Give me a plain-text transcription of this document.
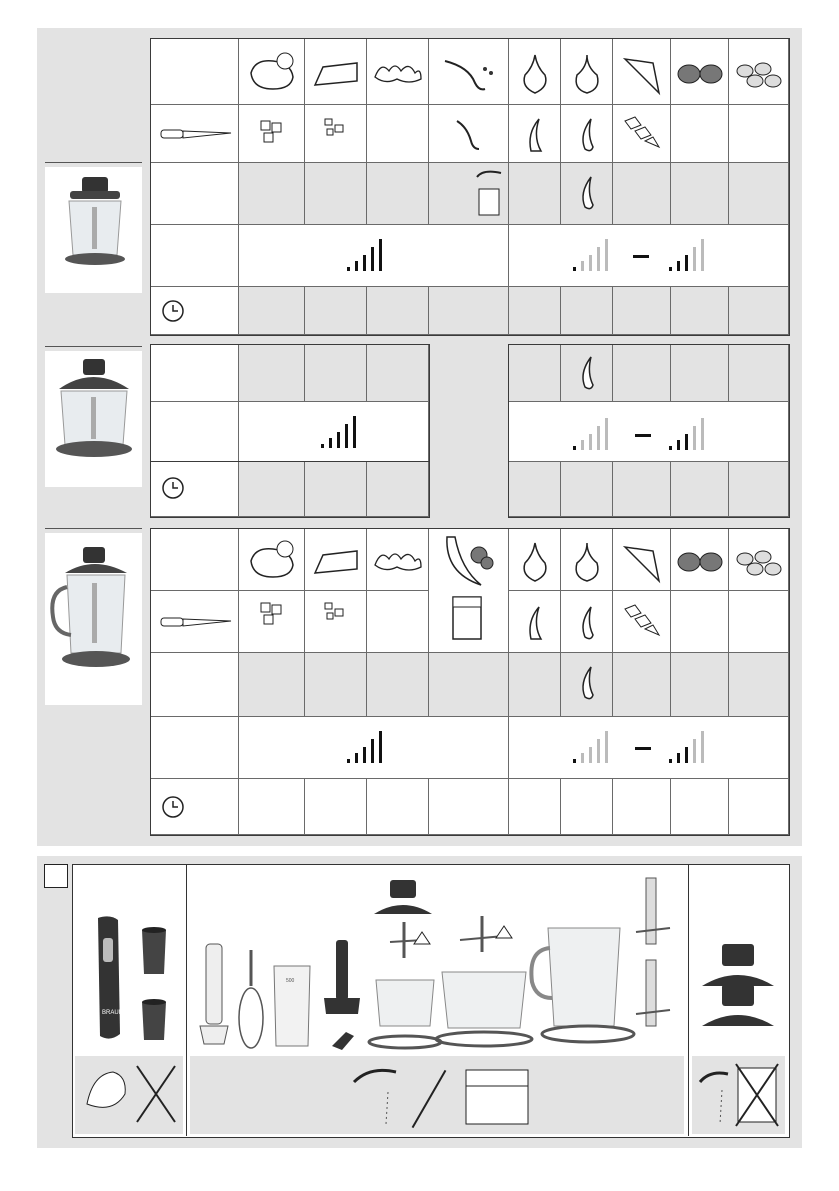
BRAUN
500
